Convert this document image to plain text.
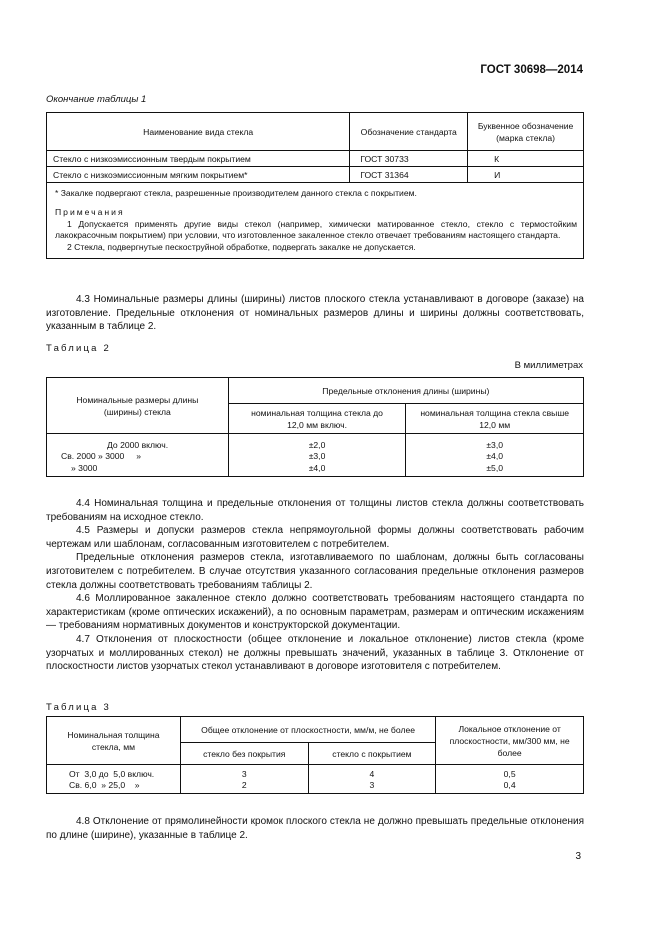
ГОСТ 30698—2014
Окончание таблицы 1
Наименование вида стекла	Обозначение стандарта	Буквенное обозначение
(марка стекла)
Стекло с низкоэмиссионным твердым покрытием	ГОСТ 30733	К
Стекло с низкоэмиссионным мягким покрытием*	ГОСТ 31364	И

* Закалке подвергают стекла, разрешенные производителем данного стекла с покрытием.
Примечания
1 Допускается применять другие виды стекол (например, химически матированное стекло, стекло с термостойким лакокрасочным покрытием) при условии, что изготовленное закаленное стекло отвечает требованиям настоящего стандарта.
2 Стекла, подвергнутые пескоструйной обработке, подвергать закалке не допускается.		
4.3 Номинальные размеры длины (ширины) листов плоского стекла устанавливают в договоре (заказе) на изготовление. Предельные отклонения от номинальных размеров длины и ширины должны соответствовать, указанным в таблице 2.
Таблица 2
В миллиметрах
Номинальные размеры длины (ширины) стекла	Предельные отклонения длины (ширины)	
	номинальная толщина стекла до 12,0 мм включ.	номинальная толщина стекла свыше 12,0 мм
До 2000 включ.	±2,0	±3,0
Св. 2000 » 3000     »	±3,0	±4,0
» 3000	±4,0	±5,0
4.4 Номинальная толщина и предельные отклонения от толщины листов стекла должны соответствовать требованиям на исходное стекло.
4.5 Размеры и допуски размеров стекла непрямоугольной формы должны соответствовать рабочим чертежам или шаблонам, согласованным изготовителем с потребителем.
Предельные отклонения размеров стекла, изготавливаемого по шаблонам, должны быть согласованы изготовителем с потребителем. В случае отсутствия указанного согласования предельные отклонения размеров стекла должны соответствовать требованиям таблицы 2.
4.6 Моллированное закаленное стекло должно соответствовать требованиям настоящего стандарта по характеристикам (кроме оптических искажений), а по основным параметрам, размерам и оптическим искажениям — требованиям нормативных документов и конструкторской документации.
4.7 Отклонения от плоскостности (общее отклонение и локальное отклонение) листов стекла (кроме узорчатых и моллированных стекол) не должны превышать значений, указанных в таблице 3. Отклонение от плоскостности листов узорчатых стекол устанавливают в договоре изготовителя с потребителем.
Таблица 3
Номинальная толщина стекла, мм	Общее отклонение от плоскостности, мм/м, не более		Локальное отклонение от плоскостности, мм/300 мм, не более
	стекло без покрытия	стекло с покрытием	
От  3,0 до  5,0 включ.	3	4	0,5
Св. 6,0  » 25,0    »	2	3	0,4
4.8 Отклонение от прямолинейности кромок плоского стекла не должно превышать предельные отклонения по длине (ширине), указанные в таблице 2.
3
